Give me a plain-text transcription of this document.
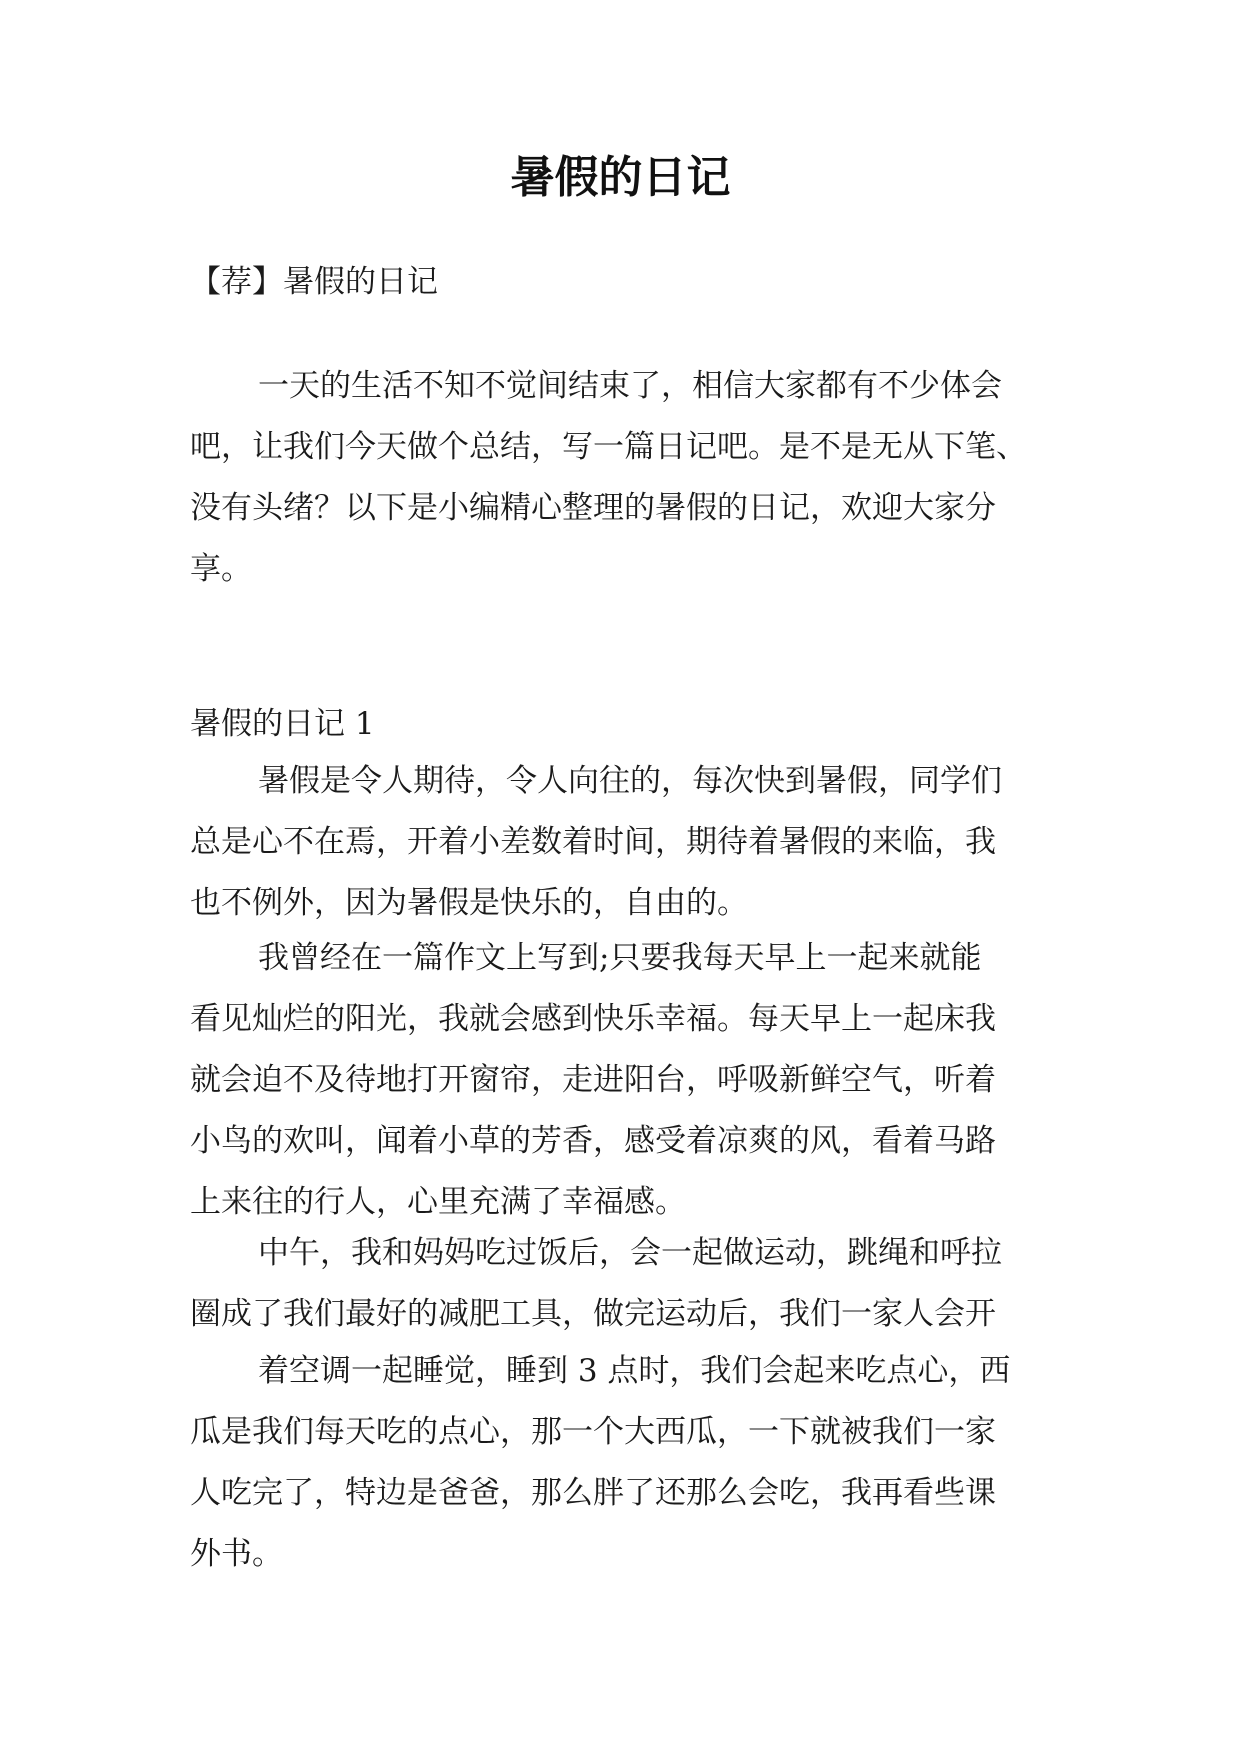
暑假的日记
【荐】暑假的日记
一天的生活不知不觉间结束了，相信大家都有不少体会
吧，让我们今天做个总结，写一篇日记吧。是不是无从下笔、
没有头绪？以下是小编精心整理的暑假的日记，欢迎大家分
享。
暑假的日记 1
暑假是令人期待，令人向往的，每次快到暑假，同学们
总是心不在焉，开着小差数着时间，期待着暑假的来临，我
也不例外，因为暑假是快乐的，自由的。
我曾经在一篇作文上写到;只要我每天早上一起来就能
看见灿烂的阳光，我就会感到快乐幸福。每天早上一起床我
就会迫不及待地打开窗帘，走进阳台，呼吸新鲜空气，听着
小鸟的欢叫，闻着小草的芳香，感受着凉爽的风，看着马路
上来往的行人，心里充满了幸福感。
中午，我和妈妈吃过饭后，会一起做运动，跳绳和呼拉
圈成了我们最好的减肥工具，做完运动后，我们一家人会开
着空调一起睡觉，睡到 3 点时，我们会起来吃点心，西
瓜是我们每天吃的点心，那一个大西瓜，一下就被我们一家
人吃完了，特边是爸爸，那么胖了还那么会吃，我再看些课
外书。
